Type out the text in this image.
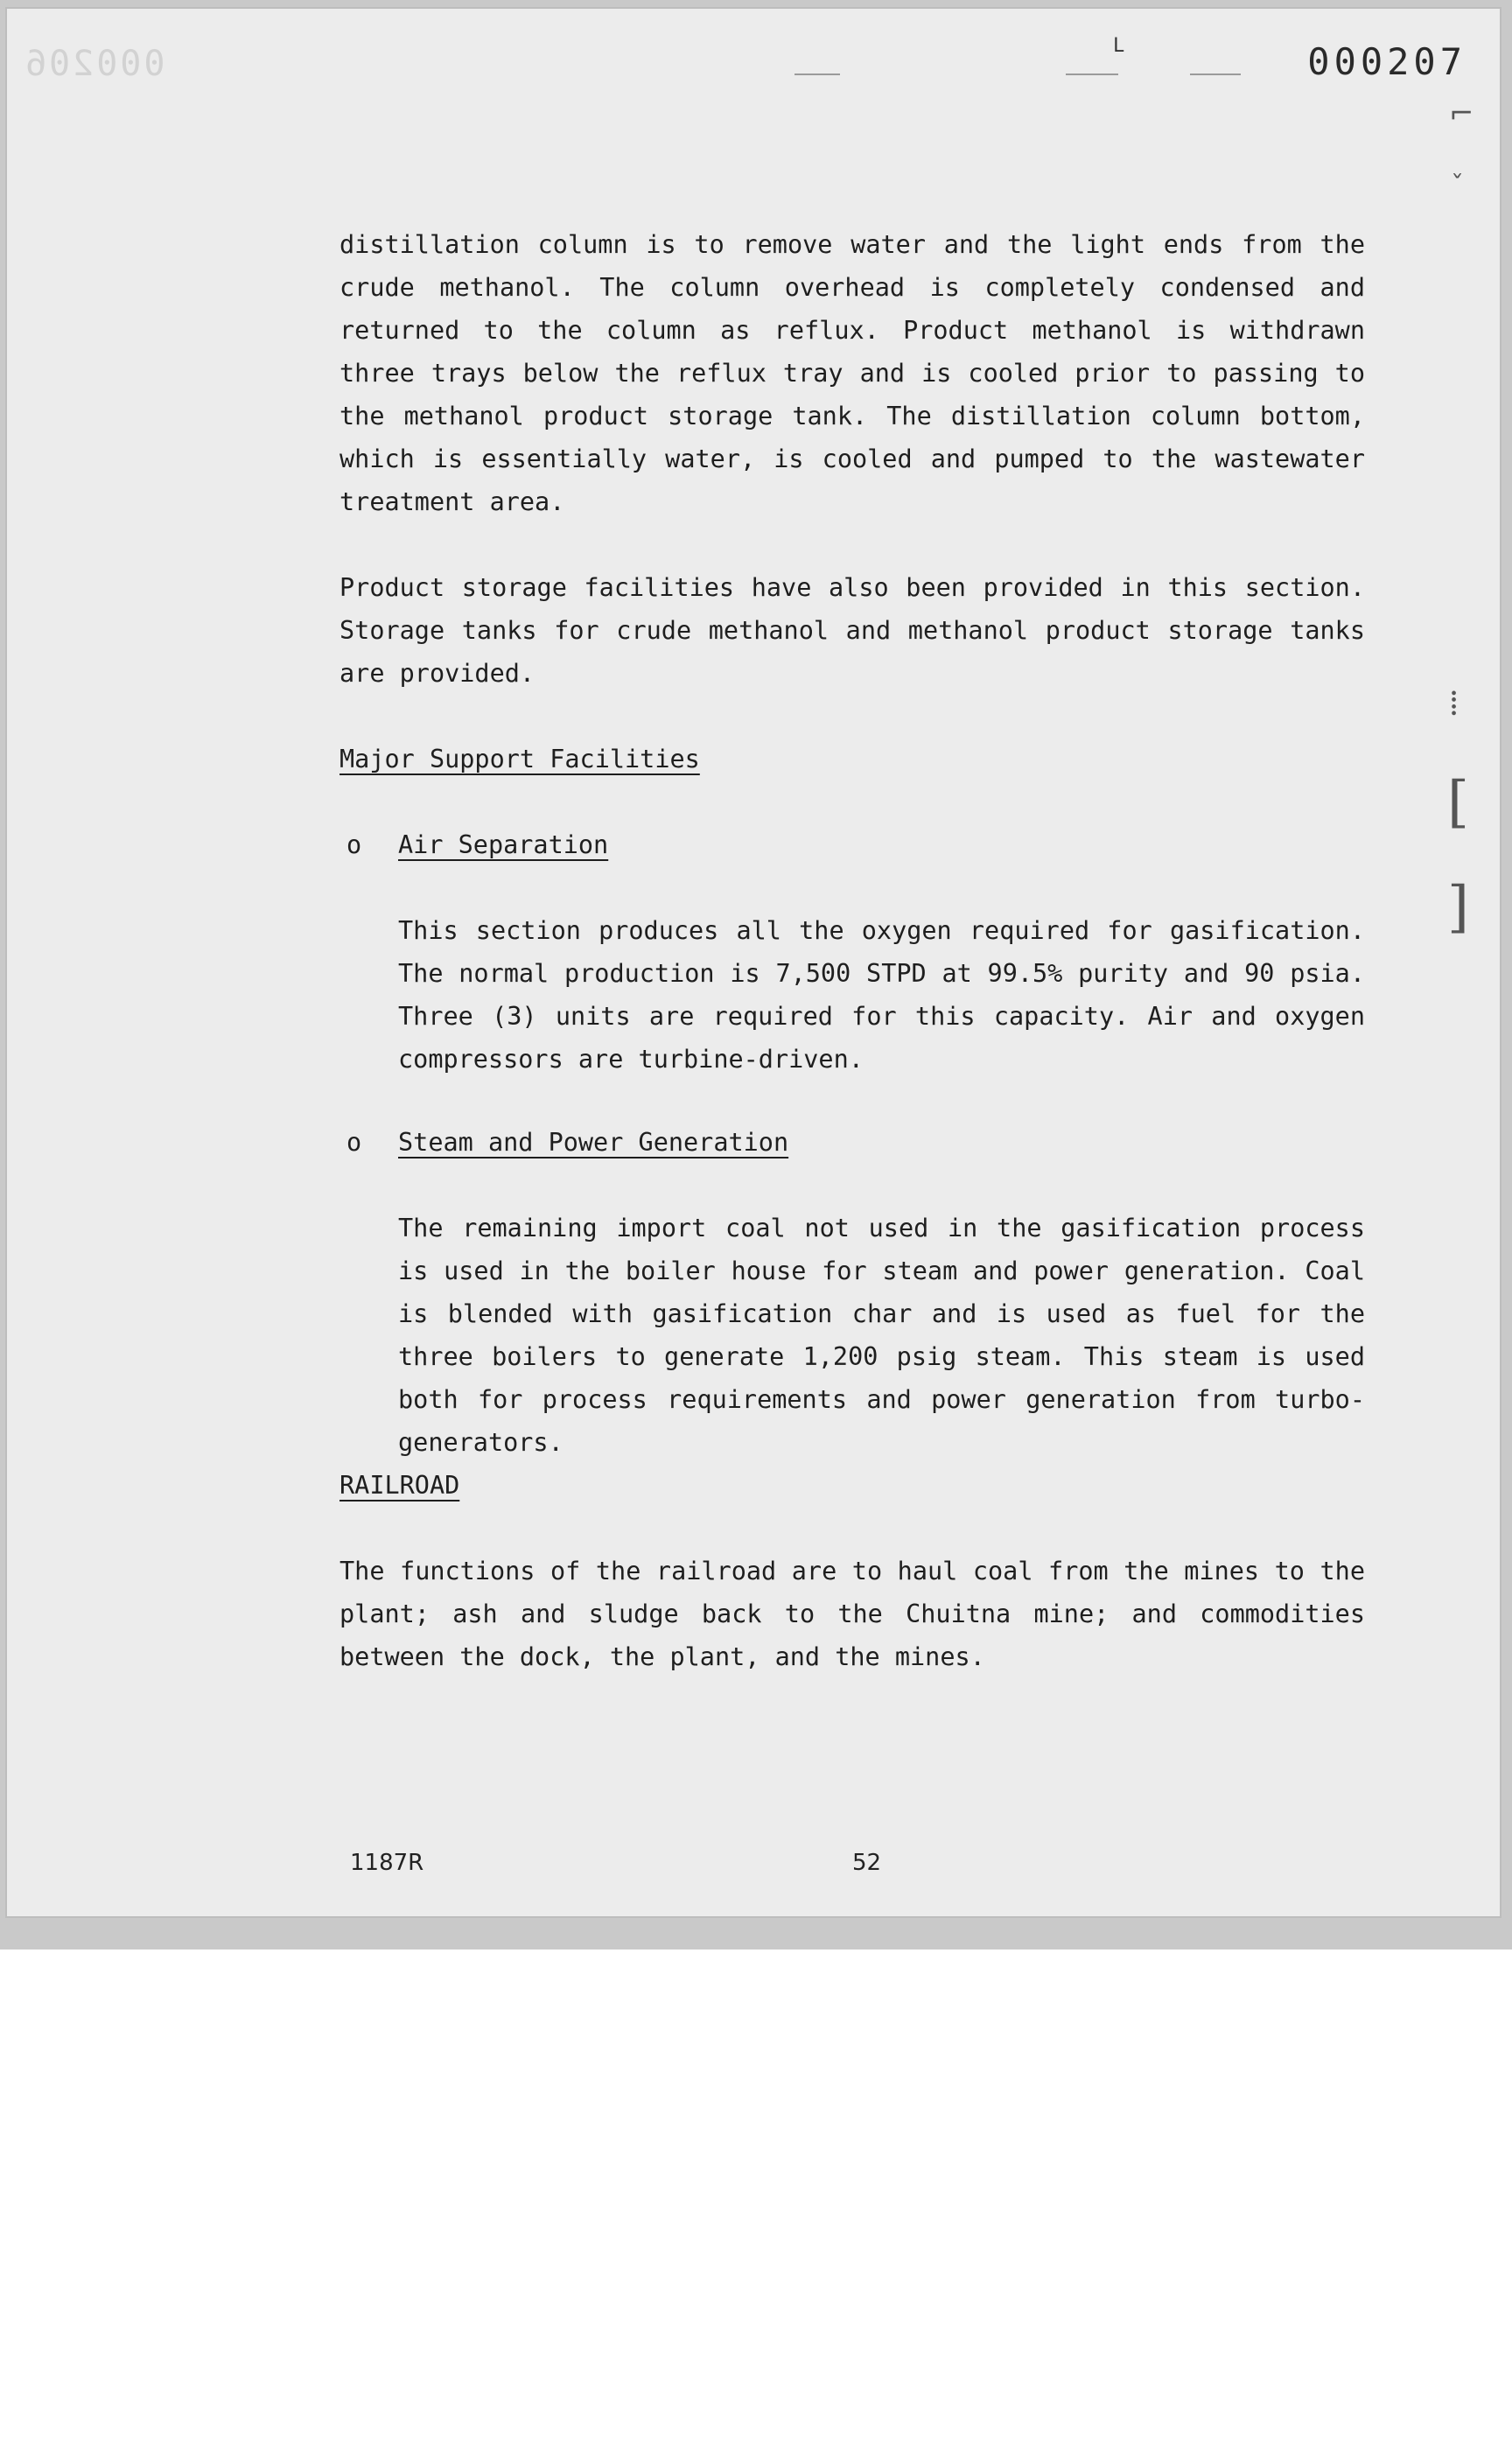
000206	L	000207
⌐
ˇ
⁞
[
]
distillation column is to remove water and the light ends from the crude methanol. The column overhead is completely condensed and returned to the column as reflux. Product methanol is withdrawn three trays below the reflux tray and is cooled prior to passing to the methanol product storage tank. The distillation column bottom, which is essentially water, is cooled and pumped to the wastewater treatment area.
Product storage facilities have also been provided in this section. Storage tanks for crude methanol and methanol product storage tanks are provided.
Major Support Facilities
o Air Separation
This section produces all the oxygen required for gasification. The normal production is 7,500 STPD at 99.5% purity and 90 psia. Three (3) units are required for this capacity. Air and oxygen compressors are turbine-driven.
o Steam and Power Generation
The remaining import coal not used in the gasification process is used in the boiler house for steam and power generation. Coal is blended with gasification char and is used as fuel for the three boilers to generate 1,200 psig steam. This steam is used both for process requirements and power generation from turbo-generators.
RAILROAD
The functions of the railroad are to haul coal from the mines to the plant; ash and sludge back to the Chuitna mine; and commodities between the dock, the plant, and the mines.
1187R	52
